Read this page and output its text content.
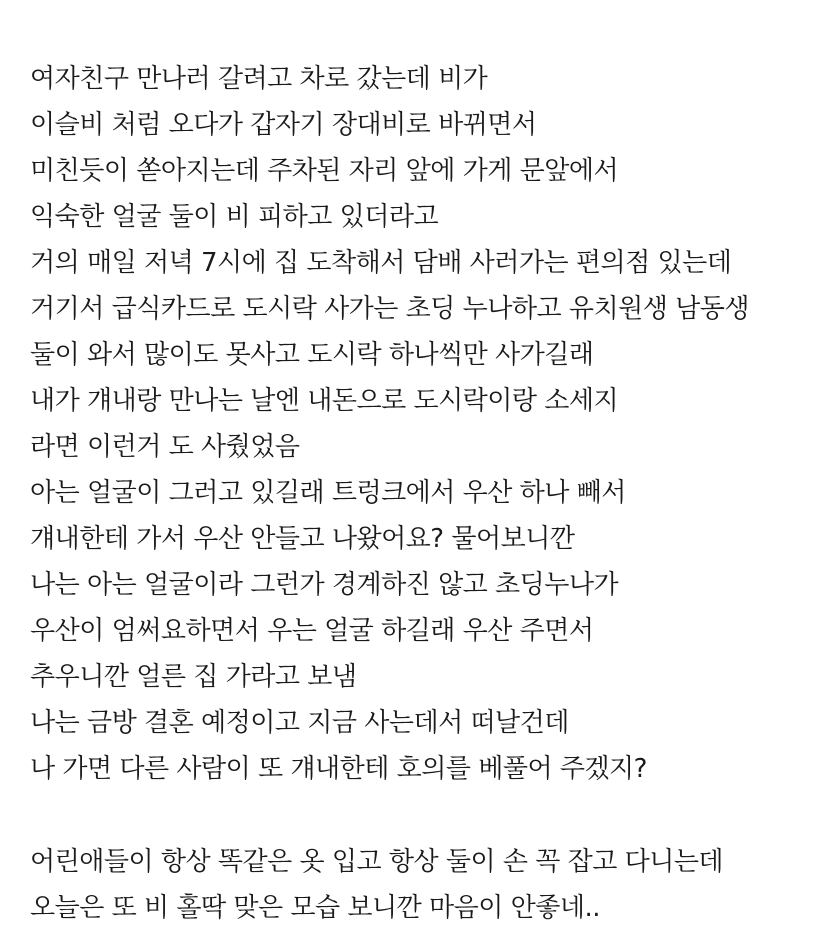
여자친구 만나러 갈려고 차로 갔는데 비가
이슬비 처럼 오다가 갑자기 장대비로 바뀌면서
미친듯이 쏟아지는데 주차된 자리 앞에 가게 문앞에서
익숙한 얼굴 둘이 비 피하고 있더라고
거의 매일 저녁 7시에 집 도착해서 담배 사러가는 편의점 있는데
거기서 급식카드로 도시락 사가는 초딩 누나하고 유치원생 남동생
둘이 와서 많이도 못사고 도시락 하나씩만 사가길래
내가 걔내랑 만나는 날엔 내돈으로 도시락이랑 소세지
라면 이런거 도 사줬었음
아는 얼굴이 그러고 있길래 트렁크에서 우산 하나 빼서
걔내한테 가서 우산 안들고 나왔어요? 물어보니깐
나는 아는 얼굴이라 그런가 경계하진 않고 초딩누나가
우산이 엄써요하면서 우는 얼굴 하길래 우산 주면서
추우니깐 얼른 집 가라고 보냄
나는 금방 결혼 예정이고 지금 사는데서 떠날건데
나 가면 다른 사람이 또 걔내한테 호의를 베풀어 주겠지?
어린애들이 항상 똑같은 옷 입고 항상 둘이 손 꼭 잡고 다니는데
오늘은 또 비 홀딱 맞은 모습 보니깐 마음이 안좋네..
